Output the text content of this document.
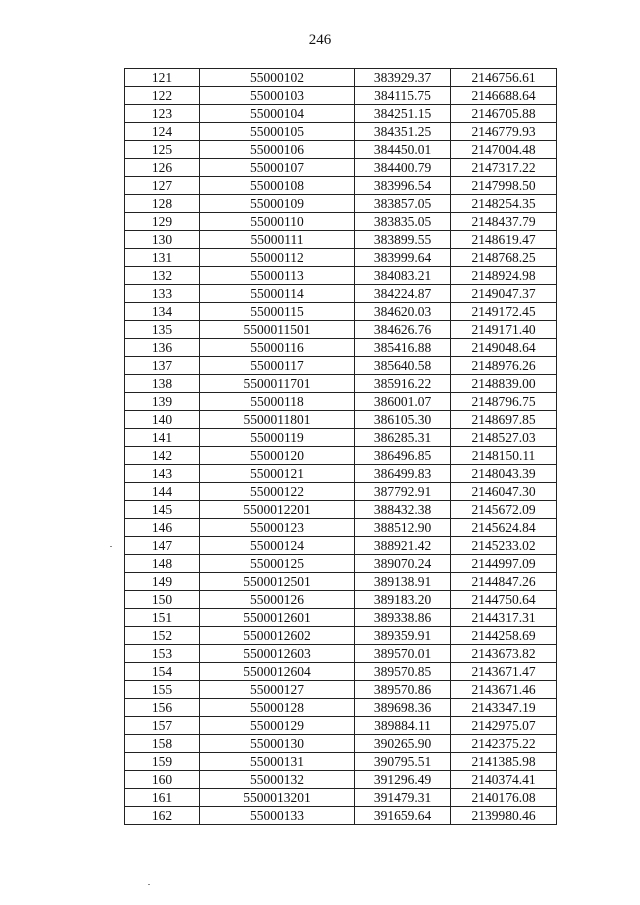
246
121	55000102	383929.37	2146756.61
122	55000103	384115.75	2146688.64
123	55000104	384251.15	2146705.88
124	55000105	384351.25	2146779.93
125	55000106	384450.01	2147004.48
126	55000107	384400.79	2147317.22
127	55000108	383996.54	2147998.50
128	55000109	383857.05	2148254.35
129	55000110	383835.05	2148437.79
130	55000111	383899.55	2148619.47
131	55000112	383999.64	2148768.25
132	55000113	384083.21	2148924.98
133	55000114	384224.87	2149047.37
134	55000115	384620.03	2149172.45
135	5500011501	384626.76	2149171.40
136	55000116	385416.88	2149048.64
137	55000117	385640.58	2148976.26
138	5500011701	385916.22	2148839.00
139	55000118	386001.07	2148796.75
140	5500011801	386105.30	2148697.85
141	55000119	386285.31	2148527.03
142	55000120	386496.85	2148150.11
143	55000121	386499.83	2148043.39
144	55000122	387792.91	2146047.30
145	5500012201	388432.38	2145672.09
146	55000123	388512.90	2145624.84
147	55000124	388921.42	2145233.02
148	55000125	389070.24	2144997.09
149	5500012501	389138.91	2144847.26
150	55000126	389183.20	2144750.64
151	5500012601	389338.86	2144317.31
152	5500012602	389359.91	2144258.69
153	5500012603	389570.01	2143673.82
154	5500012604	389570.85	2143671.47
155	55000127	389570.86	2143671.46
156	55000128	389698.36	2143347.19
157	55000129	389884.11	2142975.07
158	55000130	390265.90	2142375.22
159	55000131	390795.51	2141385.98
160	55000132	391296.49	2140374.41
161	5500013201	391479.31	2140176.08
162	55000133	391659.64	2139980.46
